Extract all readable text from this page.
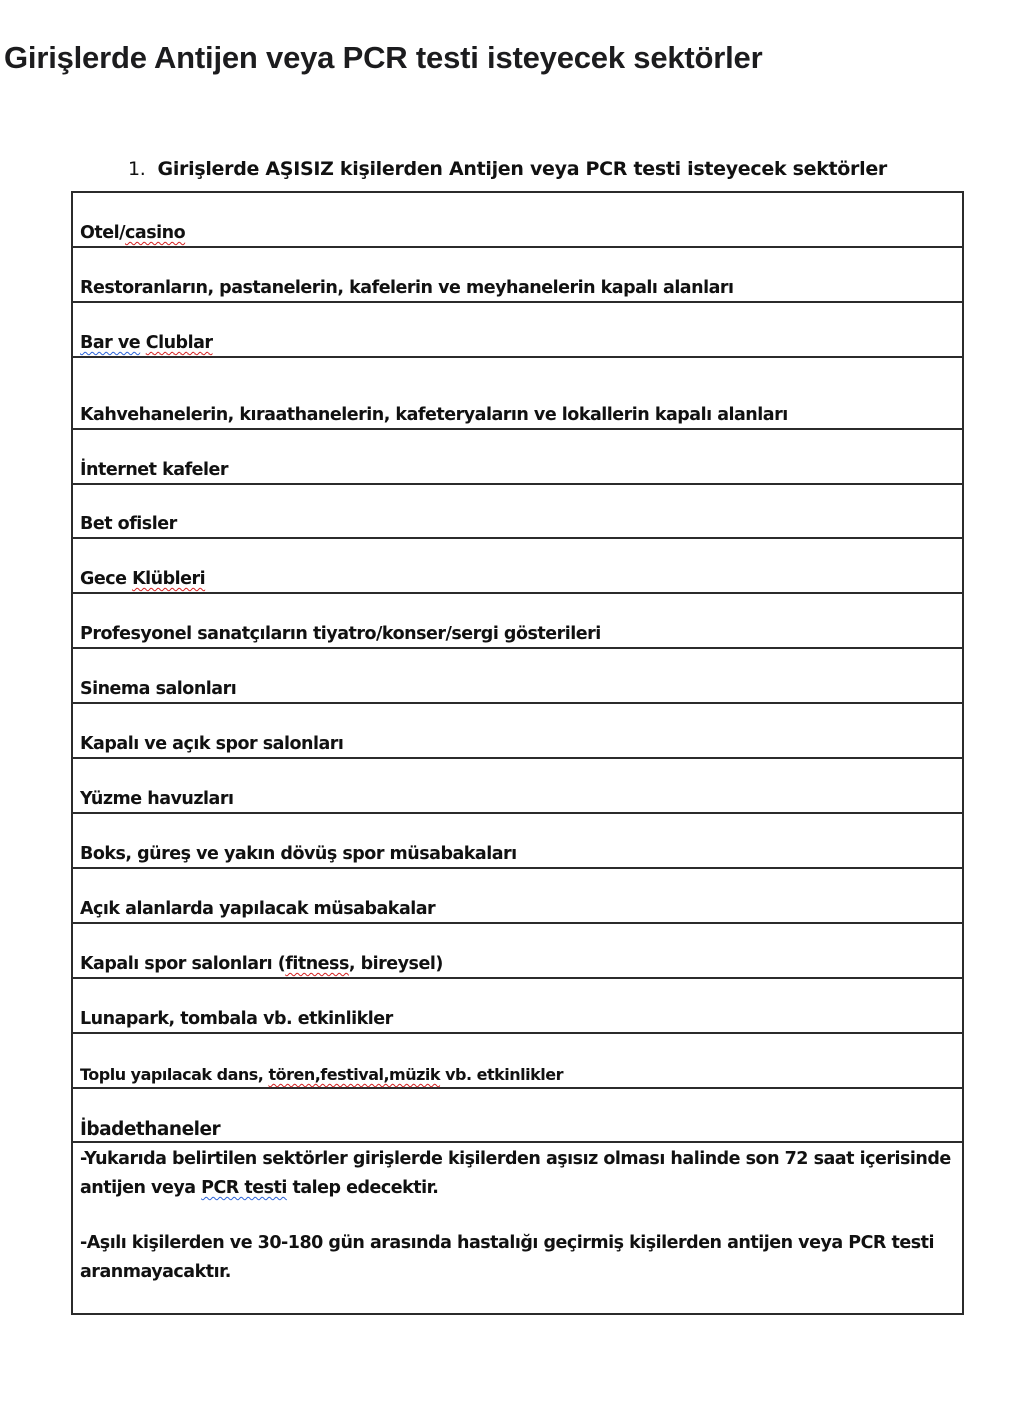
Girişlerde Antijen veya PCR testi isteyecek sektörler
1. Girişlerde AŞISIZ kişilerden Antijen veya PCR testi isteyecek sektörler
Otel/casino
Restoranların, pastanelerin, kafelerin ve meyhanelerin kapalı alanları
Bar ve Clublar
Kahvehanelerin, kıraathanelerin, kafeteryaların ve lokallerin kapalı alanları
İnternet kafeler
Bet ofisler
Gece Klübleri
Profesyonel sanatçıların tiyatro/konser/sergi gösterileri
Sinema salonları
Kapalı ve açık spor salonları
Yüzme havuzları
Boks, güreş ve yakın dövüş spor müsabakaları
Açık alanlarda yapılacak müsabakalar
Kapalı spor salonları (fitness, bireysel)
Lunapark, tombala vb. etkinlikler
Toplu yapılacak dans, tören,festival,müzik vb. etkinlikler
İbadethaneler
-Yukarıda belirtilen sektörler girişlerde kişilerden aşısız olması halinde son 72 saat içerisinde antijen veya PCR testi talep edecektir.
-Aşılı kişilerden ve 30-180 gün arasında hastalığı geçirmiş kişilerden antijen veya PCR testi aranmayacaktır.
